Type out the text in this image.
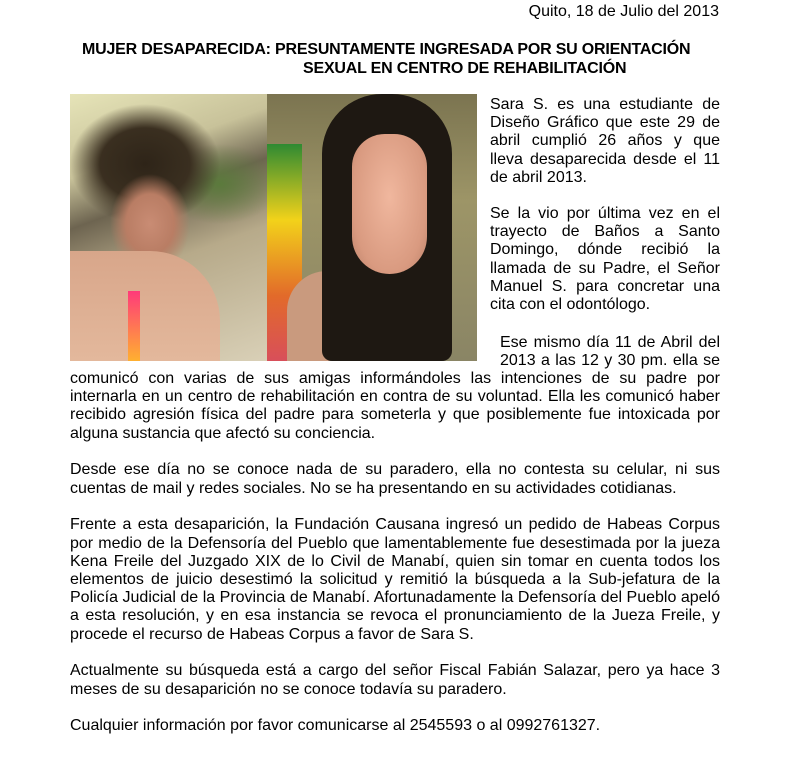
Quito, 18 de Julio del 2013
MUJER DESAPARECIDA: PRESUNTAMENTE INGRESADA POR SU ORIENTACIÓN
SEXUAL EN CENTRO DE REHABILITACIÓN

Sara S. es una estudiante de Diseño Gráfico que este 29 de abril cumplió 26 años y que lleva desaparecida desde el 11 de abril 2013.

Se la vio por última vez en el trayecto de Baños a Santo Domingo, dónde recibió la llamada de su Padre, el Señor Manuel S. para concretar una cita con el odontólogo.

Ese mismo día 11 de Abril del
2013 a las 12 y 30 pm. ella se

comunicó con varias de sus amigas informándoles las intenciones de su padre por internarla en un centro de rehabilitación en contra de su voluntad. Ella les comunicó haber recibido agresión física del padre para someterla y que posiblemente fue intoxicada por alguna sustancia que afectó su conciencia.

Desde ese día no se conoce nada de su paradero, ella no contesta su celular, ni sus cuentas de mail y redes sociales. No se ha presentando en su actividades cotidianas.

Frente a esta desaparición, la Fundación Causana ingresó un pedido de Habeas Corpus por medio de la Defensoría del Pueblo que lamentablemente fue desestimada por la jueza Kena Freile del Juzgado XIX de lo Civil de Manabí, quien sin tomar en cuenta todos los elementos de juicio desestimó la solicitud y remitió la búsqueda a la Sub-jefatura de la Policía Judicial de la Provincia de Manabí. Afortunadamente la Defensoría del Pueblo apeló a esta resolución, y en esa instancia se revoca el pronunciamiento de la Jueza Freile, y procede el recurso de Habeas Corpus a favor de Sara S.

Actualmente su búsqueda está a cargo del señor Fiscal Fabián Salazar, pero ya hace 3 meses de su desaparición no se conoce todavía su paradero.

Cualquier información por favor comunicarse al 2545593 o al 0992761327.
